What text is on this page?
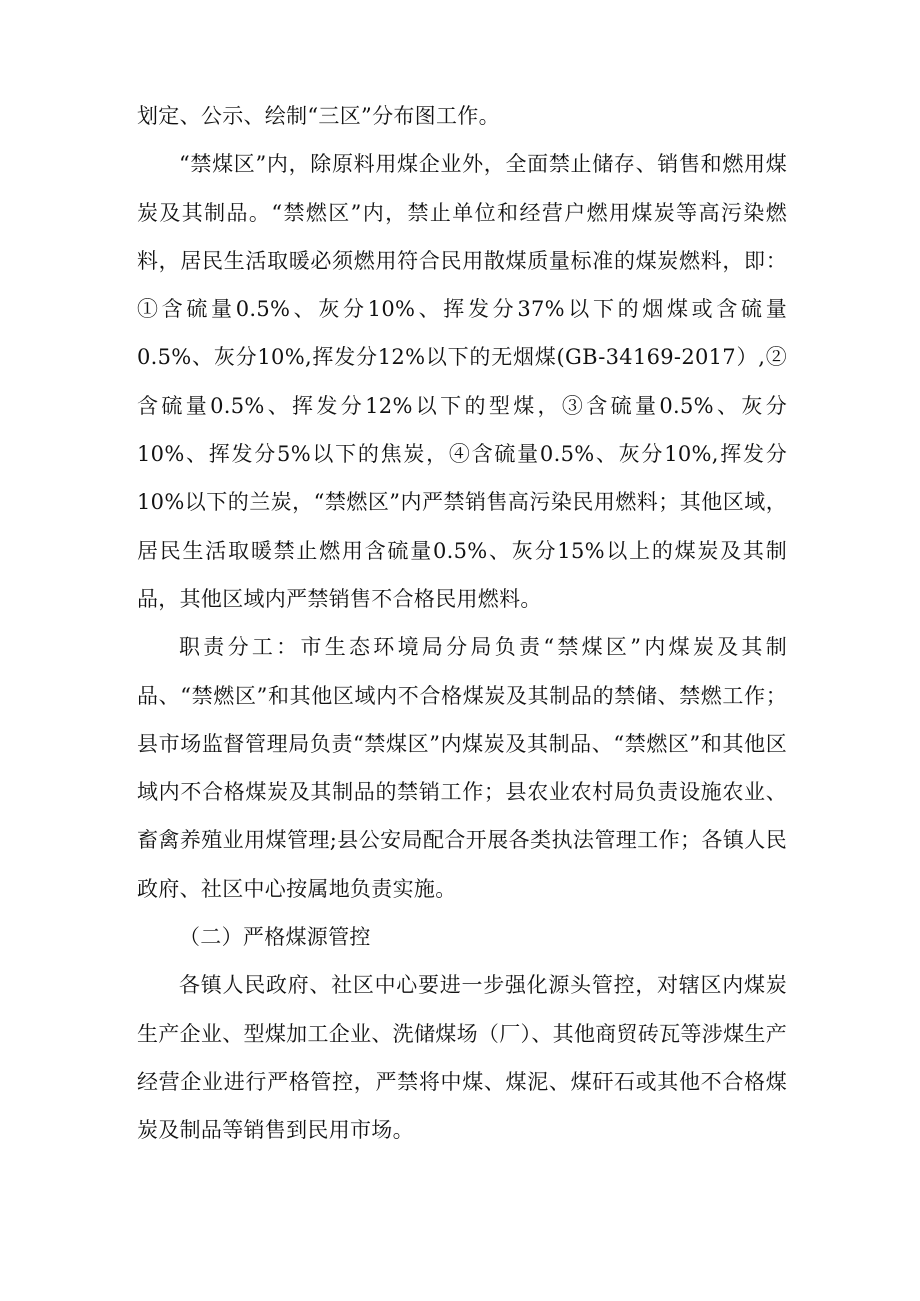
划定、公示、绘制“三区”分布图工作。

“禁煤区”内，除原料用煤企业外，全面禁止储存、销售和燃用煤炭及其制品。“禁燃区”内，禁止单位和经营户燃用煤炭等高污染燃料，居民生活取暖必须燃用符合民用散煤质量标准的煤炭燃料，即：①含硫量0.5%、灰分10%、挥发分37%以下的烟煤或含硫量0.5%、灰分10%,挥发分12%以下的无烟煤(GB-34169-2017）,②含硫量0.5%、挥发分12%以下的型煤，③含硫量0.5%、灰分10%、挥发分5%以下的焦炭，④含硫量0.5%、灰分10%,挥发分10%以下的兰炭，“禁燃区”内严禁销售高污染民用燃料；其他区域，居民生活取暖禁止燃用含硫量0.5%、灰分15%以上的煤炭及其制品，其他区域内严禁销售不合格民用燃料。

职责分工：市生态环境局分局负责“禁煤区”内煤炭及其制品、“禁燃区”和其他区域内不合格煤炭及其制品的禁储、禁燃工作；县市场监督管理局负责“禁煤区”内煤炭及其制品、“禁燃区”和其他区域内不合格煤炭及其制品的禁销工作；县农业农村局负责设施农业、畜禽养殖业用煤管理;县公安局配合开展各类执法管理工作；各镇人民政府、社区中心按属地负责实施。

（二）严格煤源管控

各镇人民政府、社区中心要进一步强化源头管控，对辖区内煤炭生产企业、型煤加工企业、洗储煤场（厂）、其他商贸砖瓦等涉煤生产经营企业进行严格管控，严禁将中煤、煤泥、煤矸石或其他不合格煤炭及制品等销售到民用市场。
